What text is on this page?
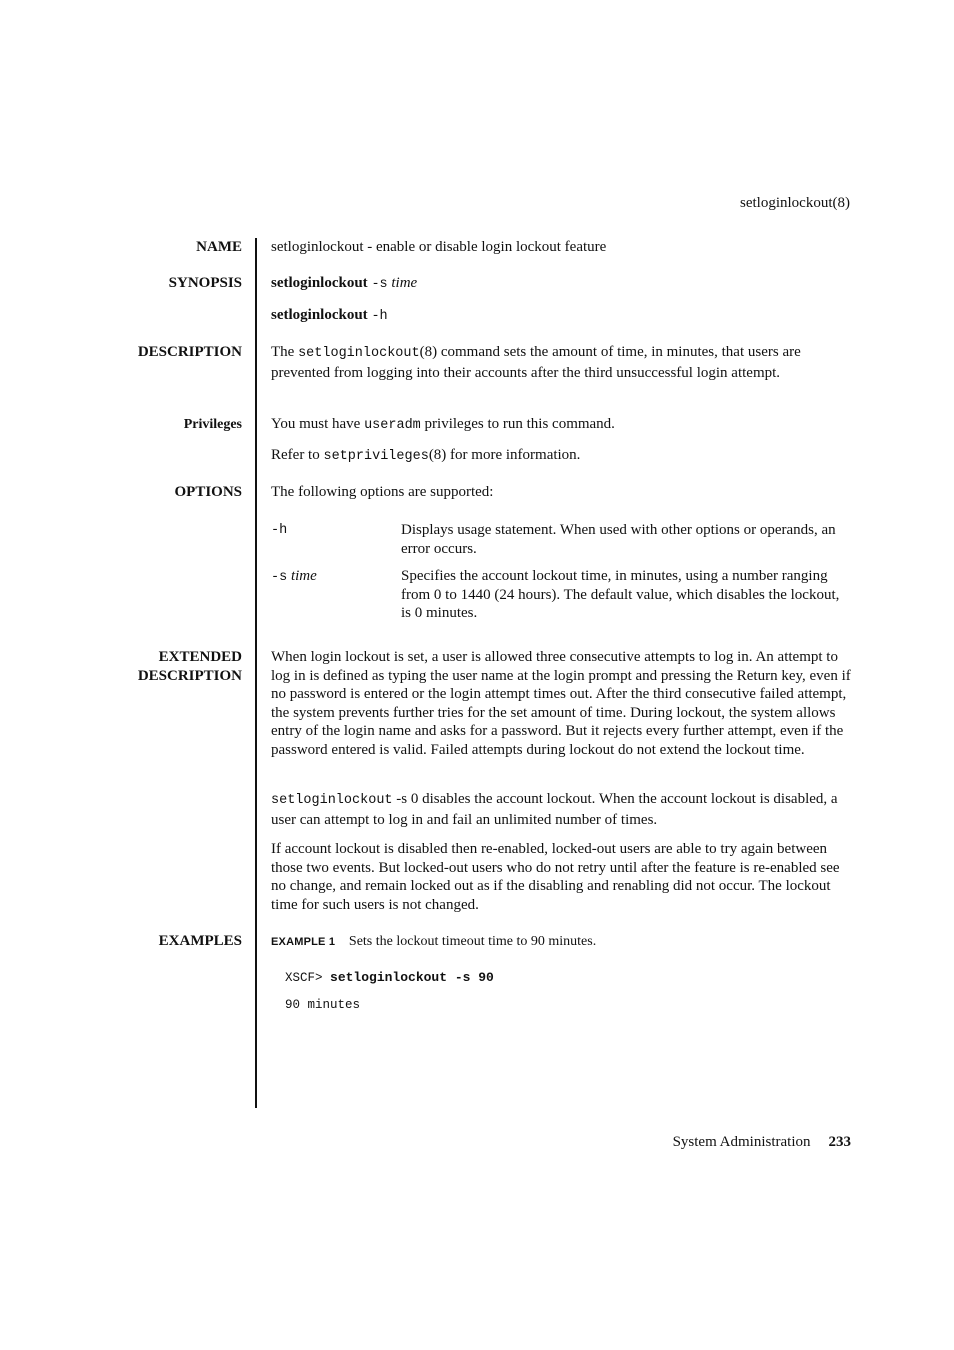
setloginlockout(8)
NAME setloginlockout - enable or disable login lockout feature
SYNOPSIS setloginlockout -s time
setloginlockout -h
DESCRIPTION The setloginlockout(8) command sets the amount of time, in minutes, that users are prevented from logging into their accounts after the third unsuccessful login attempt.

Privileges You must have useradm privileges to run this command.

Refer to setprivileges(8) for more information.

OPTIONS The following options are supported:

-h	Displays usage statement. When used with other options or operands, an error occurs.

-s time	Specifies the account lockout time, in minutes, using a number ranging from 0 to 1440 (24 hours). The default value, which disables the lockout, is 0 minutes.

EXTENDED
DESCRIPTION

When login lockout is set, a user is allowed three consecutive attempts to log in. An attempt to log in is defined as typing the user name at the login prompt and pressing the Return key, even if no password is entered or the login attempt times out. After the third consecutive failed attempt, the system prevents further tries for the set amount of time. During lockout, the system allows entry of the login name and asks for a password. But it rejects every further attempt, even if the password entered is valid. Failed attempts during lockout do not extend the lockout time.

setloginlockout -s 0 disables the account lockout. When the account lockout is disabled, a user can attempt to log in and fail an unlimited number of times.

If account lockout is disabled then re-enabled, locked-out users are able to try again between those two events. But locked-out users who do not retry until after the feature is re-enabled see no change, and remain locked out as if the disabling and renabling did not occur. The lockout time for such users is not changed.

EXAMPLES	EXAMPLE 1 Sets the lockout timeout time to 90 minutes.
XSCF> setloginlockout -s 90
90 minutes
System Administration 233
